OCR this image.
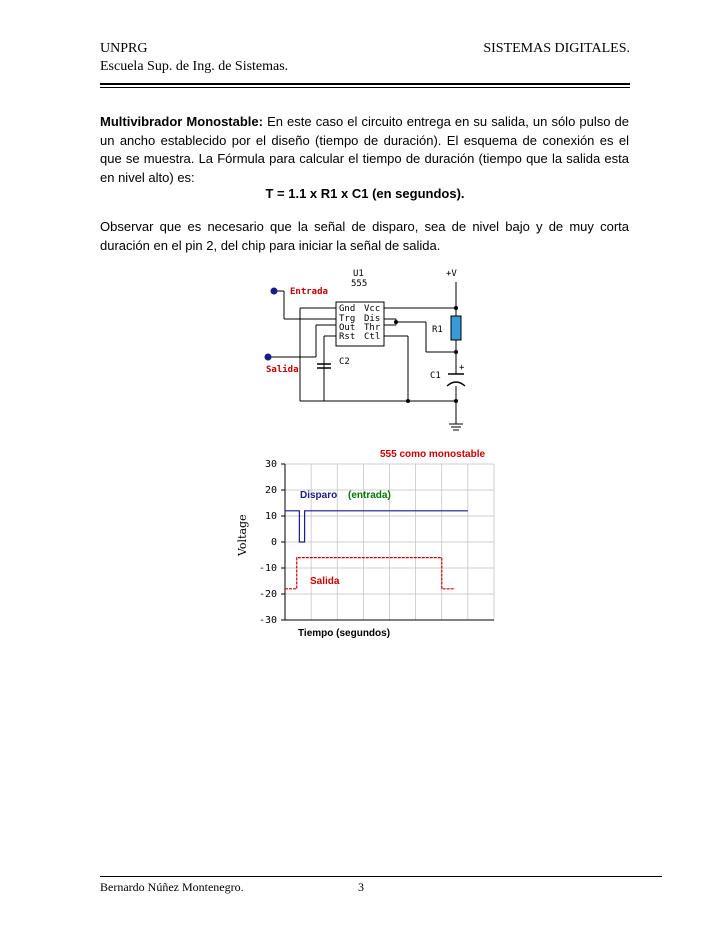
UNPRG
Escuela Sup. de Ing. de Sistemas.
SISTEMAS DIGITALES.
Multivibrador Monostable: En este caso el circuito entrega en su salida, un sólo pulso de un ancho establecido por el diseño (tiempo de duración). El esquema de conexión es el que se muestra. La Fórmula para calcular el tiempo de duración (tiempo que la salida esta en nivel alto) es:
T = 1.1 x R1 x C1 (en segundos).
Observar que es necesario que la señal de disparo, sea de nivel bajo y de muy corta duración en el pin 2, del chip para iniciar la señal de salida.
Entrada
Salida
U1
555
+V
R1
C1
C2
+
Gnd
Trg
Out
Rst
Vcc
Dis
Thr
Ctl
555 como monostable
30
20
10
0
-10
-20
-30
Voltage
Tiempo (segundos)
Disparo (entrada)
Salida
Bernardo Núñez Montenegro.	3
